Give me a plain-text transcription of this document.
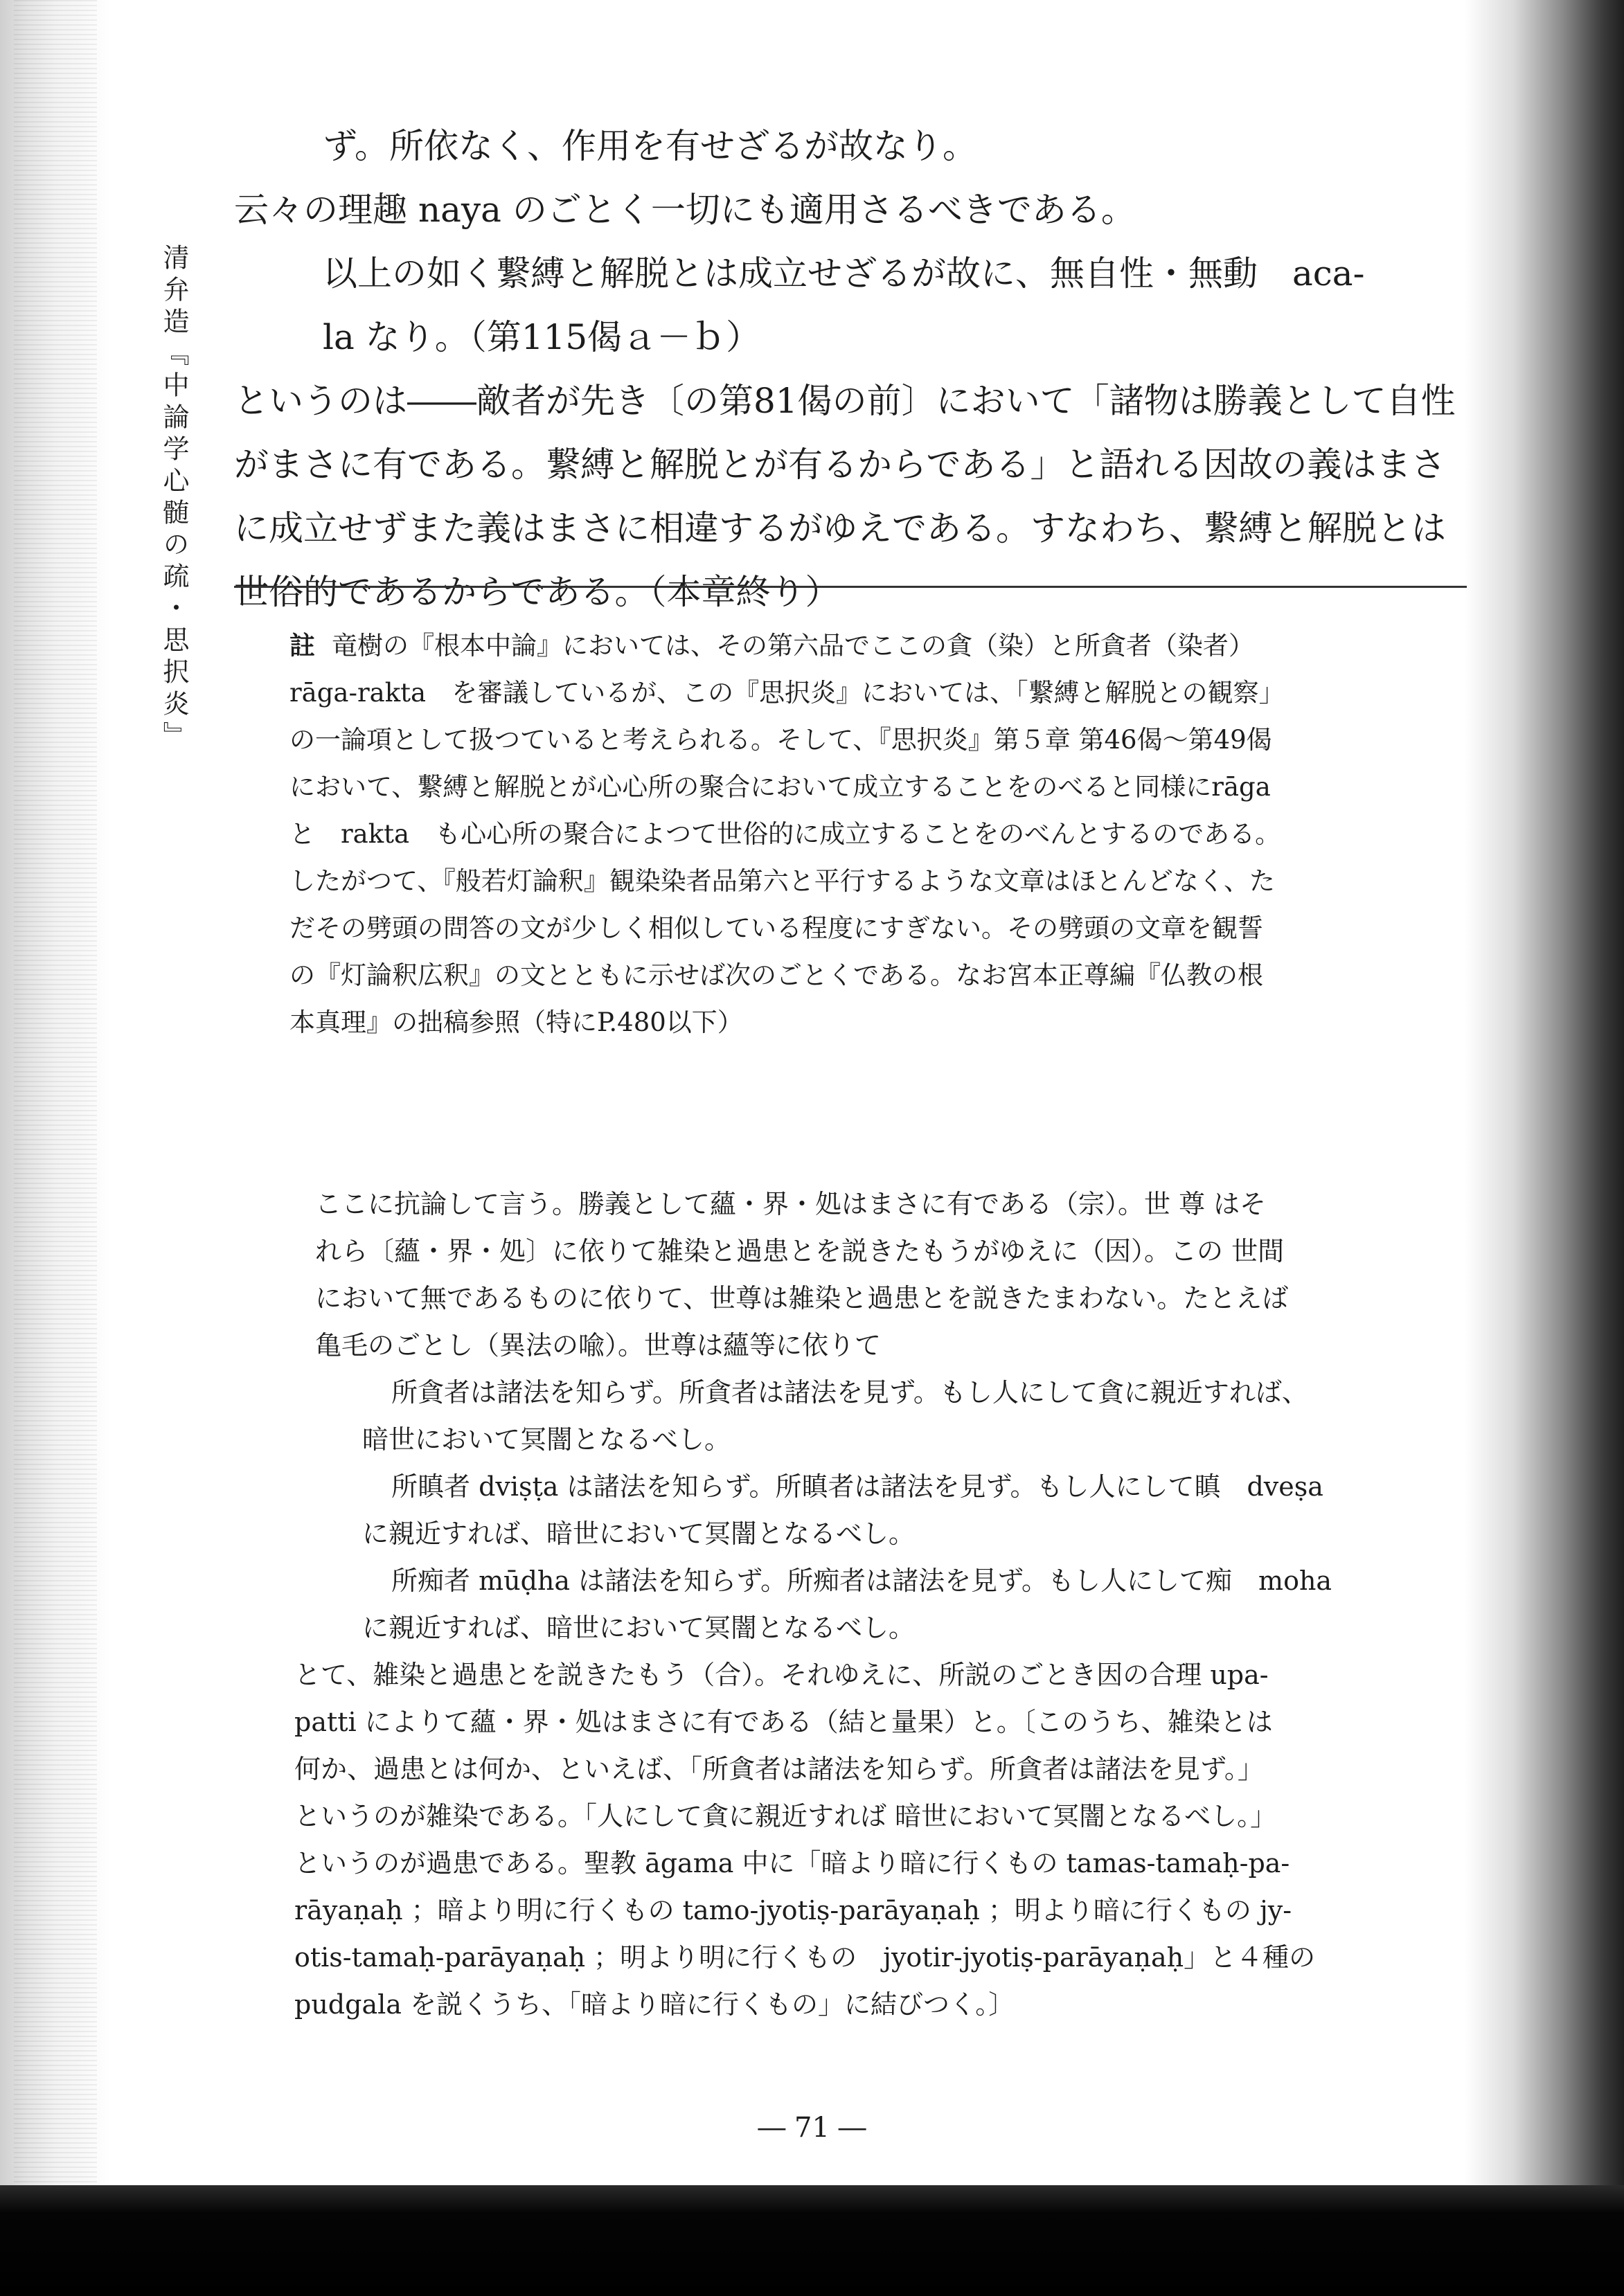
清弁造『中論学心髄の疏・思択炎』
ず。所依なく、作用を有せざるが故なり。
云々の理趣 naya のごとく一切にも適用さるべきである。
以上の如く繋縛と解脱とは成立せざるが故に、無自性・無動　aca-
la なり。（第115偈ａ－ｂ）
というのは――敵者が先き〔の第81偈の前〕において「諸物は勝義として自性
がまさに有である。繋縛と解脱とが有るからである」と語れる因故の義はまさ
に成立せずまた義はまさに相違するがゆえである。すなわち、繋縛と解脱とは
世俗的であるからである。（本章終り）
註 竜樹の『根本中論』においては、その第六品でここの貪（染）と所貪者（染者）
rāga-rakta　を審議しているが、この『思択炎』においては、「繋縛と解脱との観察」
の一論項として扱つていると考えられる。そして、『思択炎』第５章 第46偈～第49偈
において、繋縛と解脱とが心心所の聚合において成立することをのべると同様にrāga
と　rakta　も心心所の聚合によつて世俗的に成立することをのべんとするのである。
したがつて、『般若灯論釈』観染染者品第六と平行するような文章はほとんどなく、た
だその劈頭の問答の文が少しく相似している程度にすぎない。その劈頭の文章を観誓
の『灯論釈広釈』の文とともに示せば次のごとくである。なお宮本正尊編『仏教の根
本真理』の拙稿参照（特にP.480以下）
ここに抗論して言う。勝義として蘊・界・処はまさに有である（宗）。世 尊 はそ
れら〔蘊・界・処〕に依りて雑染と過患とを説きたもうがゆえに（因）。この 世間
において無であるものに依りて、世尊は雑染と過患とを説きたまわない。たとえば
亀毛のごとし（異法の喩）。世尊は蘊等に依りて
所貪者は諸法を知らず。所貪者は諸法を見ず。もし人にして貪に親近すれば、
暗世において冥闇となるべし。
所瞋者 dviṣṭa は諸法を知らず。所瞋者は諸法を見ず。もし人にして瞋　dveṣa
に親近すれば、暗世において冥闇となるべし。
所痴者 mūḍha は諸法を知らず。所痴者は諸法を見ず。もし人にして痴　moha
に親近すれば、暗世において冥闇となるべし。
とて、雑染と過患とを説きたもう（合）。それゆえに、所説のごとき因の合理 upa-
patti によりて蘊・界・処はまさに有である（結と量果）と。〔このうち、雑染とは
何か、過患とは何か、といえば、「所貪者は諸法を知らず。所貪者は諸法を見ず。」
というのが雑染である。「人にして貪に親近すれば 暗世において冥闇となるべし。」
というのが過患である。聖教 āgama 中に「暗より暗に行くもの tamas-tamaḥ-pa-
rāyaṇaḥ ；暗より明に行くもの tamo-jyotiṣ-parāyaṇaḥ ；明より暗に行くもの jy-
otis-tamaḥ-parāyaṇaḥ ；明より明に行くもの　jyotir-jyotiṣ-parāyaṇaḥ」と４種の
pudgala を説くうち、「暗より暗に行くもの」に結びつく。〕
― 71 ―
